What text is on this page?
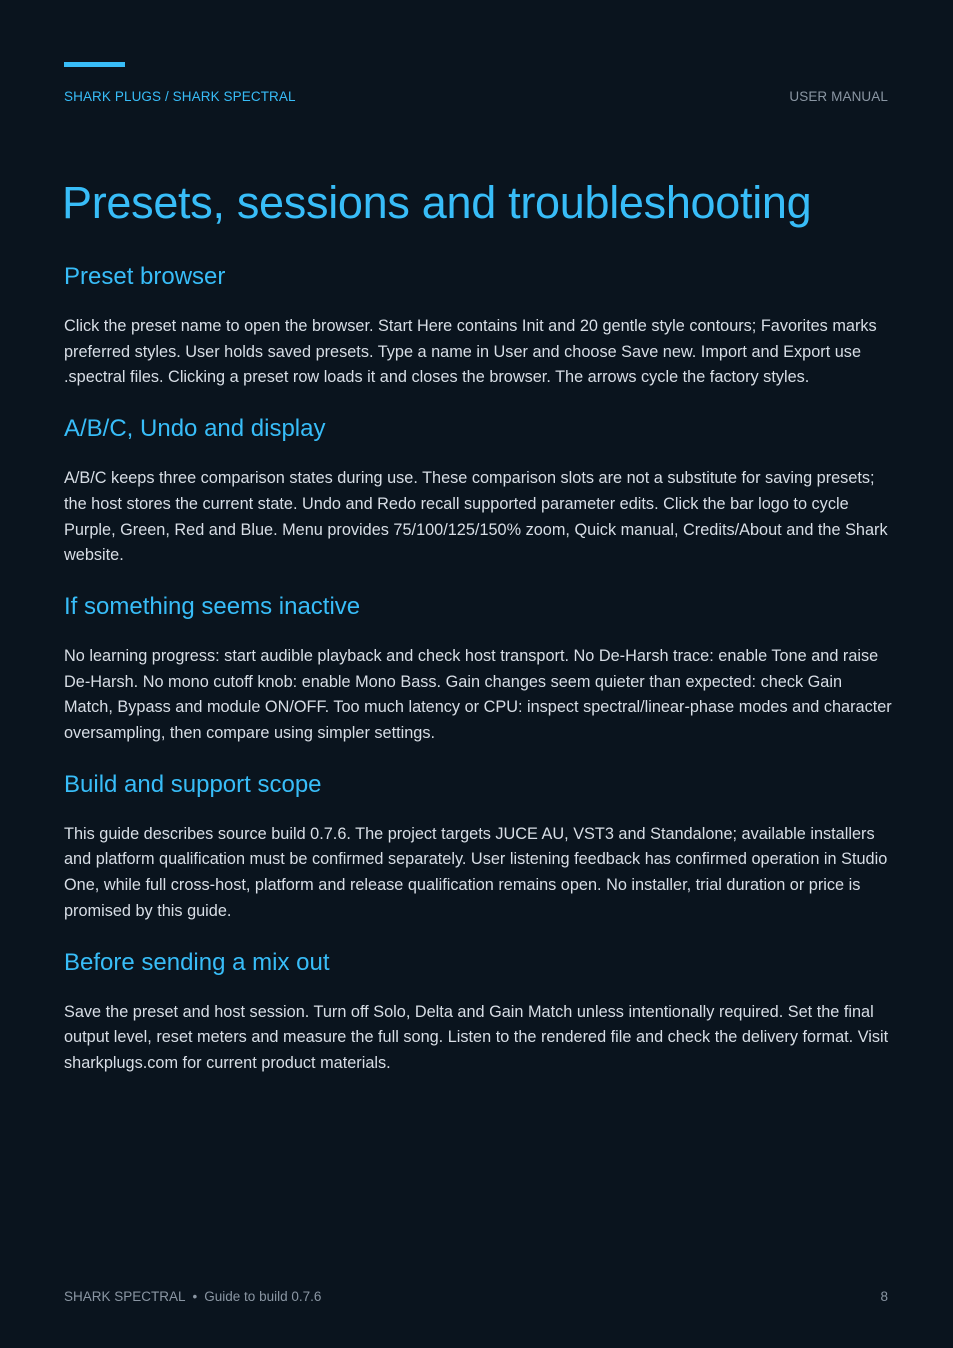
SHARK PLUGS / SHARK SPECTRAL	USER MANUAL
Presets, sessions and troubleshooting
Preset browser

Click the preset name to open the browser. Start Here contains Init and 20 gentle style contours; Favorites marks preferred styles. User holds saved presets. Type a name in User and choose Save new. Import and Export use .spectral files. Clicking a preset row loads it and closes the browser. The arrows cycle the factory styles.

A/B/C, Undo and display

A/B/C keeps three comparison states during use. These comparison slots are not a substitute for saving presets; the host stores the current state. Undo and Redo recall supported parameter edits. Click the bar logo to cycle Purple, Green, Red and Blue. Menu provides 75/100/125/150% zoom, Quick manual, Credits/About and the Shark website.

If something seems inactive

No learning progress: start audible playback and check host transport. No De-Harsh trace: enable Tone and raise De-Harsh. No mono cutoff knob: enable Mono Bass. Gain changes seem quieter than expected: check Gain Match, Bypass and module ON/OFF. Too much latency or CPU: inspect spectral/linear-phase modes and character oversampling, then compare using simpler settings.

Build and support scope

This guide describes source build 0.7.6. The project targets JUCE AU, VST3 and Standalone; available installers and platform qualification must be confirmed separately. User listening feedback has confirmed operation in Studio One, while full cross-host, platform and release qualification remains open. No installer, trial duration or price is promised by this guide.

Before sending a mix out

Save the preset and host session. Turn off Solo, Delta and Gain Match unless intentionally required. Set the final output level, reset meters and measure the full song. Listen to the rendered file and check the delivery format. Visit sharkplugs.com for current product materials.

SHARK SPECTRAL • Guide to build 0.7.6	8
